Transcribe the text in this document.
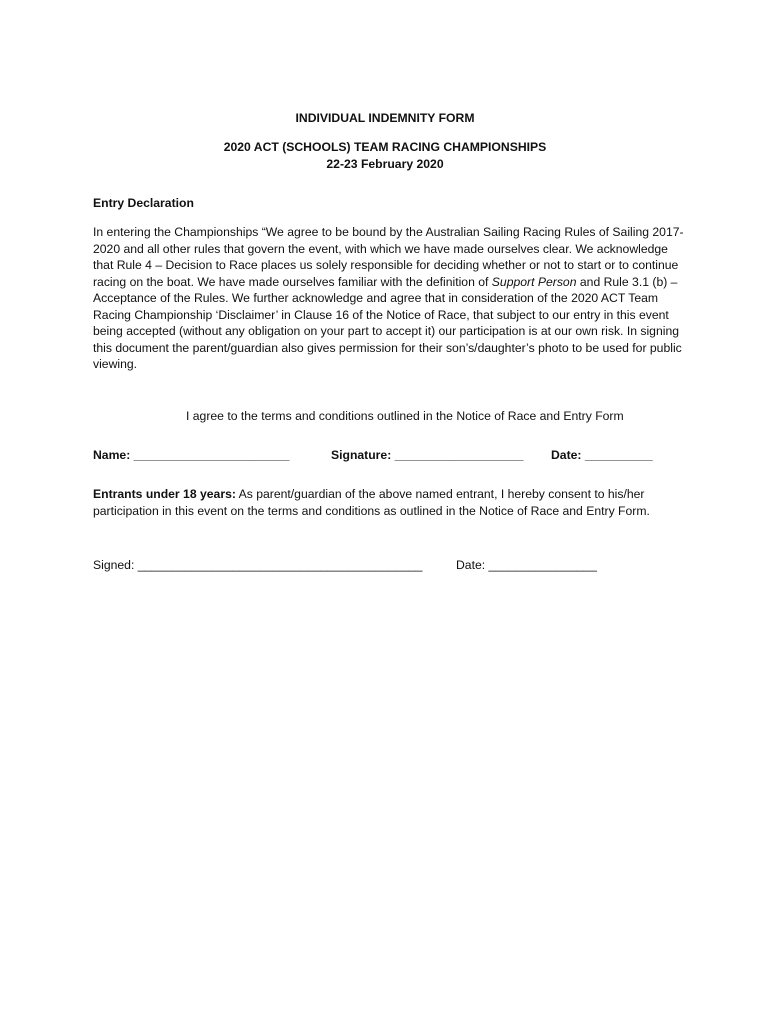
INDIVIDUAL INDEMNITY FORM
2020 ACT (SCHOOLS) TEAM RACING CHAMPIONSHIPS
22-23 February 2020
Entry Declaration
In entering the Championships “We agree to be bound by the Australian Sailing Racing Rules of Sailing 2017-2020 and all other rules that govern the event, with which we have made ourselves clear. We acknowledge that Rule 4 – Decision to Race places us solely responsible for deciding whether or not to start or to continue racing on the boat. We have made ourselves familiar with the definition of Support Person and Rule 3.1 (b) – Acceptance of the Rules. We further acknowledge and agree that in consideration of the 2020 ACT Team Racing Championship ‘Disclaimer’ in Clause 16 of the Notice of Race, that subject to our entry in this event being accepted (without any obligation on your part to accept it) our participation is at our own risk. In signing this document the parent/guardian also gives permission for their son’s/daughter’s photo to be used for public viewing.
I agree to the terms and conditions outlined in the Notice of Race and Entry Form
Name: _______________________	Signature: ___________________ Date: __________
Entrants under 18 years: As parent/guardian of the above named entrant, I hereby consent to his/her participation in this event on the terms and conditions as outlined in the Notice of Race and Entry Form.
Signed: __________________________________________	Date: ________________
